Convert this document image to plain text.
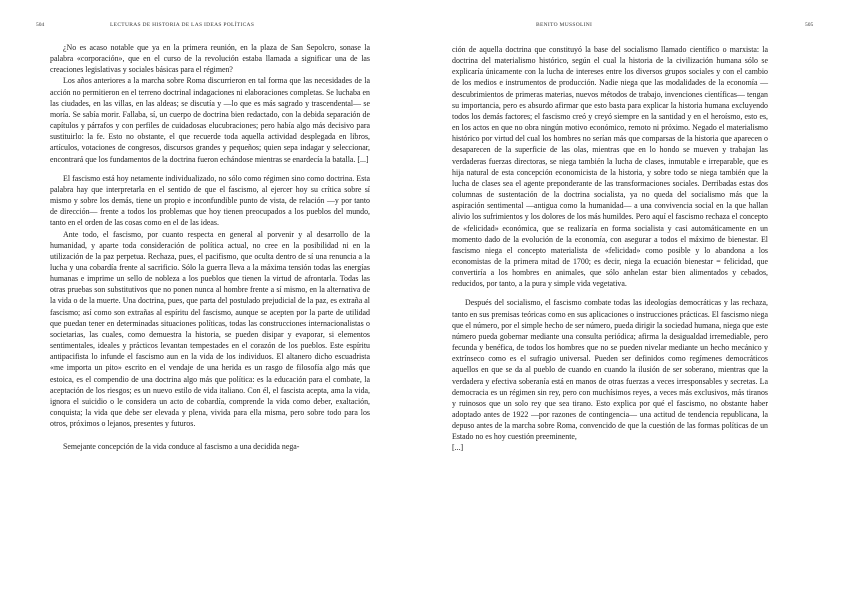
504	LECTURAS DE HISTORIA DE LAS IDEAS POLÍTICAS

¿No es acaso notable que ya en la primera reunión, en la plaza de San Sepolcro, sonase la palabra «corporación», que en el curso de la revolución estaba llamada a significar una de las creaciones legislativas y sociales básicas para el régimen?

Los años anteriores a la marcha sobre Roma discurrieron en tal forma que las necesidades de la acción no permitieron en el terreno doctrinal indagaciones ni elaboraciones completas. Se luchaba en las ciudades, en las villas, en las aldeas; se discutía y —lo que es más sagrado y trascendental— se moría. Se sabía morir. Fallaba, sí, un cuerpo de doctrina bien redactado, con la debida separación de capítulos y párrafos y con perfiles de cuidadosas elucubraciones; pero había algo más decisivo para sustituirlo: la fe. Esto no obstante, el que recuerde toda aquella actividad desplegada en libros, artículos, votaciones de congresos, discursos grandes y pequeños; quien sepa indagar y seleccionar, encontrará que los fundamentos de la doctrina fueron echándose mientras se enardecía la batalla. [...]

El fascismo está hoy netamente individualizado, no sólo como régimen sino como doctrina. Esta palabra hay que interpretarla en el sentido de que el fascismo, al ejercer hoy su crítica sobre sí mismo y sobre los demás, tiene un propio e inconfundible punto de vista, de relación —y por tanto de dirección— frente a todos los problemas que hoy tienen preocupados a los pueblos del mundo, tanto en el orden de las cosas como en el de las ideas.

Ante todo, el fascismo, por cuanto respecta en general al porvenir y al desarrollo de la humanidad, y aparte toda consideración de política actual, no cree en la posibilidad ni en la utilización de la paz perpetua. Rechaza, pues, el pacifismo, que oculta dentro de sí una renuncia a la lucha y una cobardía frente al sacrificio. Sólo la guerra lleva a la máxima tensión todas las energías humanas e imprime un sello de nobleza a los pueblos que tienen la virtud de afrontarla. Todas las otras pruebas son substitutivos que no ponen nunca al hombre frente a sí mismo, en la alternativa de la vida o de la muerte. Una doctrina, pues, que parta del postulado prejudicial de la paz, es extraña al fascismo; así como son extrañas al espíritu del fascismo, aunque se acepten por la parte de utilidad que puedan tener en determinadas situaciones políticas, todas las construcciones internacionalistas o societarias, las cuales, como demuestra la historia, se pueden disipar y evaporar, si elementos sentimentales, ideales y prácticos levantan tempestades en el corazón de los pueblos. Este espíritu antipacifista lo infunde el fascismo aun en la vida de los individuos. El altanero dicho escuadrista «me importa un pito» escrito en el vendaje de una herida es un rasgo de filosofía algo más que estoica, es el compendio de una doctrina algo más que política: es la educación para el combate, la aceptación de los riesgos; es un nuevo estilo de vida italiano. Con él, el fascista acepta, ama la vida, ignora el suicidio o le considera un acto de cobardía, comprende la vida como deber, exaltación, conquista; la vida que debe ser elevada y plena, vivida para ella misma, pero sobre todo para los otros, próximos o lejanos, presentes y futuros.

Semejante concepción de la vida conduce al fascismo a una decidida nega-

BENITO MUSSOLINI	505

ción de aquella doctrina que constituyó la base del socialismo llamado científico o marxista: la doctrina del materialismo histórico, según el cual la historia de la civilización humana sólo se explicaría únicamente con la lucha de intereses entre los diversos grupos sociales y con el cambio de los medios e instrumentos de producción. Nadie niega que las modalidades de la economía — descubrimientos de primeras materias, nuevos métodos de trabajo, invenciones científicas— tengan su importancia, pero es absurdo afirmar que esto basta para explicar la historia humana excluyendo todos los demás factores; el fascismo creó y creyó siempre en la santidad y en el heroísmo, esto es, en los actos en que no obra ningún motivo económico, remoto ni próximo. Negado el materialismo histórico por virtud del cual los hombres no serían más que comparsas de la historia que aparecen o desaparecen de la superficie de las olas, mientras que en lo hondo se mueven y trabajan las verdaderas fuerzas directoras, se niega también la lucha de clases, inmutable e irreparable, que es hija natural de esta concepción economicista de la historia, y sobre todo se niega también que la lucha de clases sea el agente preponderante de las transformaciones sociales. Derribadas estas dos columnas de sustentación de la doctrina socialista, ya no queda del socialismo más que la aspiración sentimental —antigua como la humanidad— a una convivencia social en la que hallan alivio los sufrimientos y los dolores de los más humildes. Pero aquí el fascismo rechaza el concepto de «felicidad» económica, que se realizaría en forma socialista y casi automáticamente en un momento dado de la evolución de la economía, con asegurar a todos el máximo de bienestar. El fascismo niega el concepto materialista de «felicidad» como posible y lo abandona a los economistas de la primera mitad de 1700; es decir, niega la ecuación bienestar = felicidad, que convertiría a los hombres en animales, que sólo anhelan estar bien alimentados y cebados, reducidos, por tanto, a la pura y simple vida vegetativa.

Después del socialismo, el fascismo combate todas las ideologías democráticas y las rechaza, tanto en sus premisas teóricas como en sus aplicaciones o instrucciones prácticas. El fascismo niega que el número, por el simple hecho de ser número, pueda dirigir la sociedad humana, niega que este número pueda gobernar mediante una consulta periódica; afirma la desigualdad irremediable, pero fecunda y benéfica, de todos los hombres que no se pueden nivelar mediante un hecho mecánico y extrínseco como es el sufragio universal. Pueden ser definidos como regímenes democráticos aquellos en que se da al pueblo de cuando en cuando la ilusión de ser soberano, mientras que la verdadera y efectiva soberanía está en manos de otras fuerzas a veces irresponsables y secretas. La democracia es un régimen sin rey, pero con muchísimos reyes, a veces más exclusivos, más tiranos y ruinosos que un solo rey que sea tirano. Esto explica por qué el fascismo, no obstante haber adoptado antes de 1922 —por razones de contingencia— una actitud de tendencia republicana, la depuso antes de la marcha sobre Roma, convencido de que la cuestión de las formas políticas de un Estado no es hoy cuestión preeminente,

[...]
